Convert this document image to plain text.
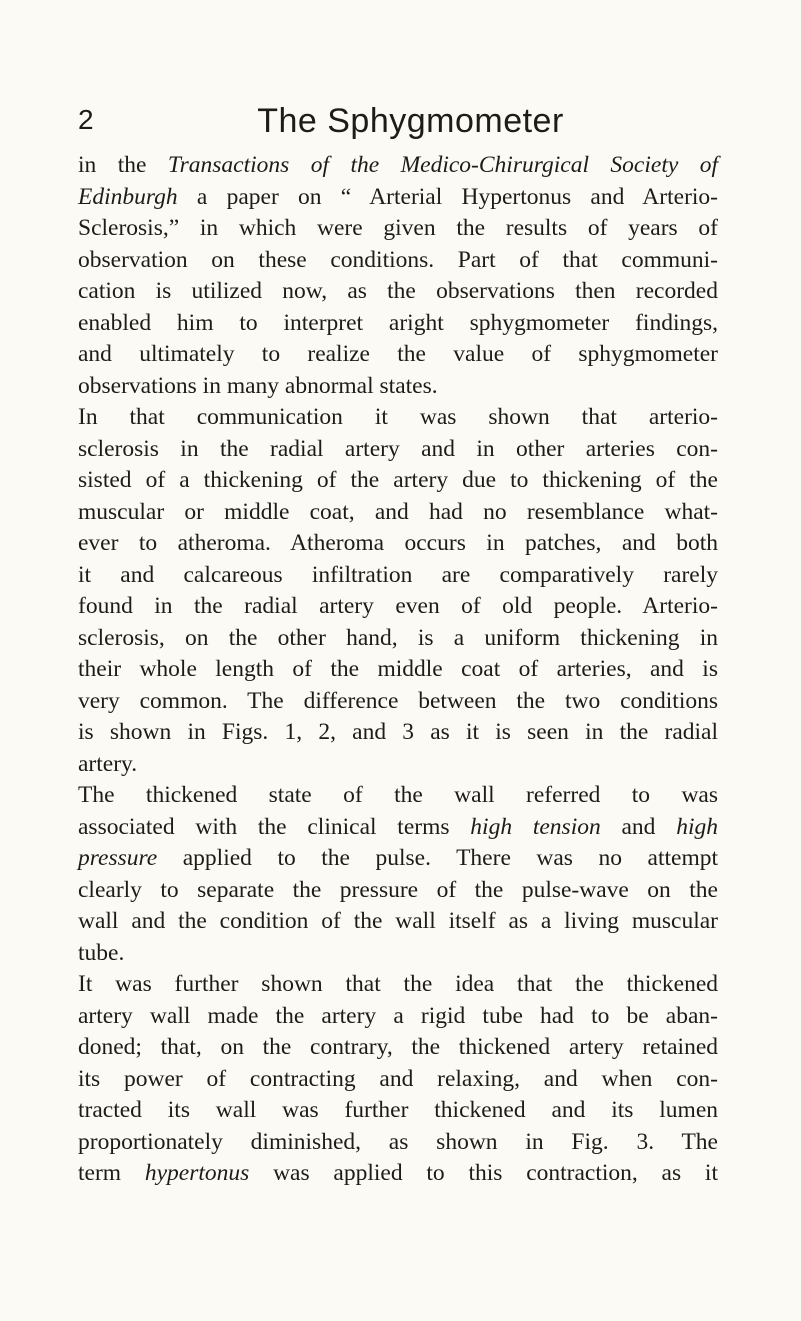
2	The Sphygmometer
in the Transactions of the Medico-Chirurgical Society of
Edinburgh a paper on “ Arterial Hypertonus and Arterio-
Sclerosis,” in which were given the results of years of
observation on these conditions. Part of that communi-
cation is utilized now, as the observations then recorded
enabled him to interpret aright sphygmometer findings,
and ultimately to realize the value of sphygmometer
observations in many abnormal states.
In that communication it was shown that arterio-
sclerosis in the radial artery and in other arteries con-
sisted of a thickening of the artery due to thickening of the
muscular or middle coat, and had no resemblance what-
ever to atheroma. Atheroma occurs in patches, and both
it and calcareous infiltration are comparatively rarely
found in the radial artery even of old people. Arterio-
sclerosis, on the other hand, is a uniform thickening in
their whole length of the middle coat of arteries, and is
very common. The difference between the two conditions
is shown in Figs. 1, 2, and 3 as it is seen in the radial
artery.
The thickened state of the wall referred to was
associated with the clinical terms high tension and high
pressure applied to the pulse. There was no attempt
clearly to separate the pressure of the pulse-wave on the
wall and the condition of the wall itself as a living muscular
tube.
It was further shown that the idea that the thickened
artery wall made the artery a rigid tube had to be aban-
doned; that, on the contrary, the thickened artery retained
its power of contracting and relaxing, and when con-
tracted its wall was further thickened and its lumen
proportionately diminished, as shown in Fig. 3. The
term hypertonus was applied to this contraction, as it
